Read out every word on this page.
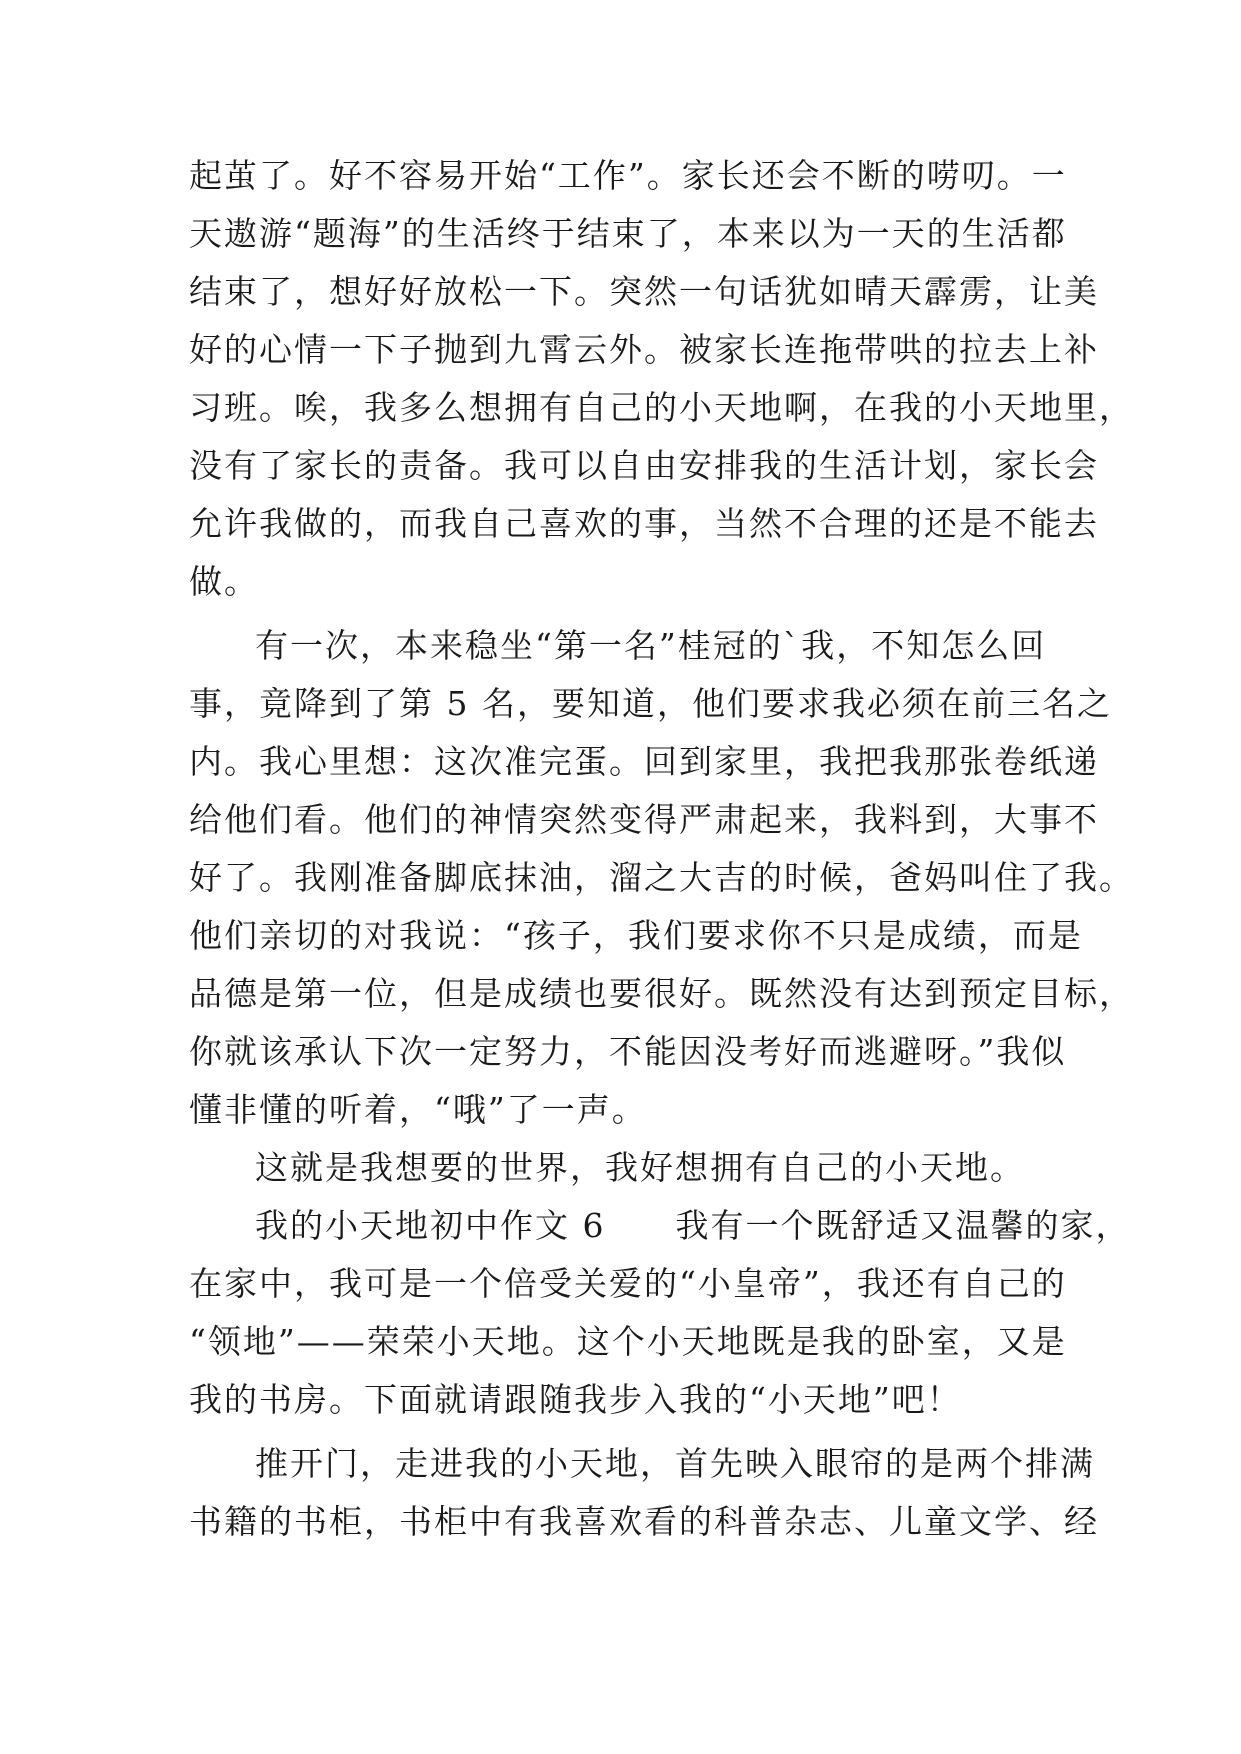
起茧了。好不容易开始“工作”。家长还会不断的唠叨。一
天遨游“题海”的生活终于结束了，本来以为一天的生活都
结束了，想好好放松一下。突然一句话犹如晴天霹雳，让美
好的心情一下子抛到九霄云外。被家长连拖带哄的拉去上补
习班。唉，我多么想拥有自己的小天地啊，在我的小天地里，
没有了家长的责备。我可以自由安排我的生活计划，家长会
允许我做的，而我自己喜欢的事，当然不合理的还是不能去
做。
有一次，本来稳坐“第一名”桂冠的`我，不知怎么回
事，竟降到了第 5 名，要知道，他们要求我必须在前三名之
内。我心里想：这次准完蛋。回到家里，我把我那张卷纸递
给他们看。他们的神情突然变得严肃起来，我料到，大事不
好了。我刚准备脚底抹油，溜之大吉的时候，爸妈叫住了我。
他们亲切的对我说：“孩子，我们要求你不只是成绩，而是
品德是第一位，但是成绩也要很好。既然没有达到预定目标，
你就该承认下次一定努力，不能因没考好而逃避呀。”我似
懂非懂的听着，“哦”了一声。
这就是我想要的世界，我好想拥有自己的小天地。
我的小天地初中作文 6　　我有一个既舒适又温馨的家，
在家中，我可是一个倍受关爱的“小皇帝”，我还有自己的
“领地”——荣荣小天地。这个小天地既是我的卧室，又是
我的书房。下面就请跟随我步入我的“小天地”吧！
推开门，走进我的小天地，首先映入眼帘的是两个排满
书籍的书柜，书柜中有我喜欢看的科普杂志、儿童文学、经
